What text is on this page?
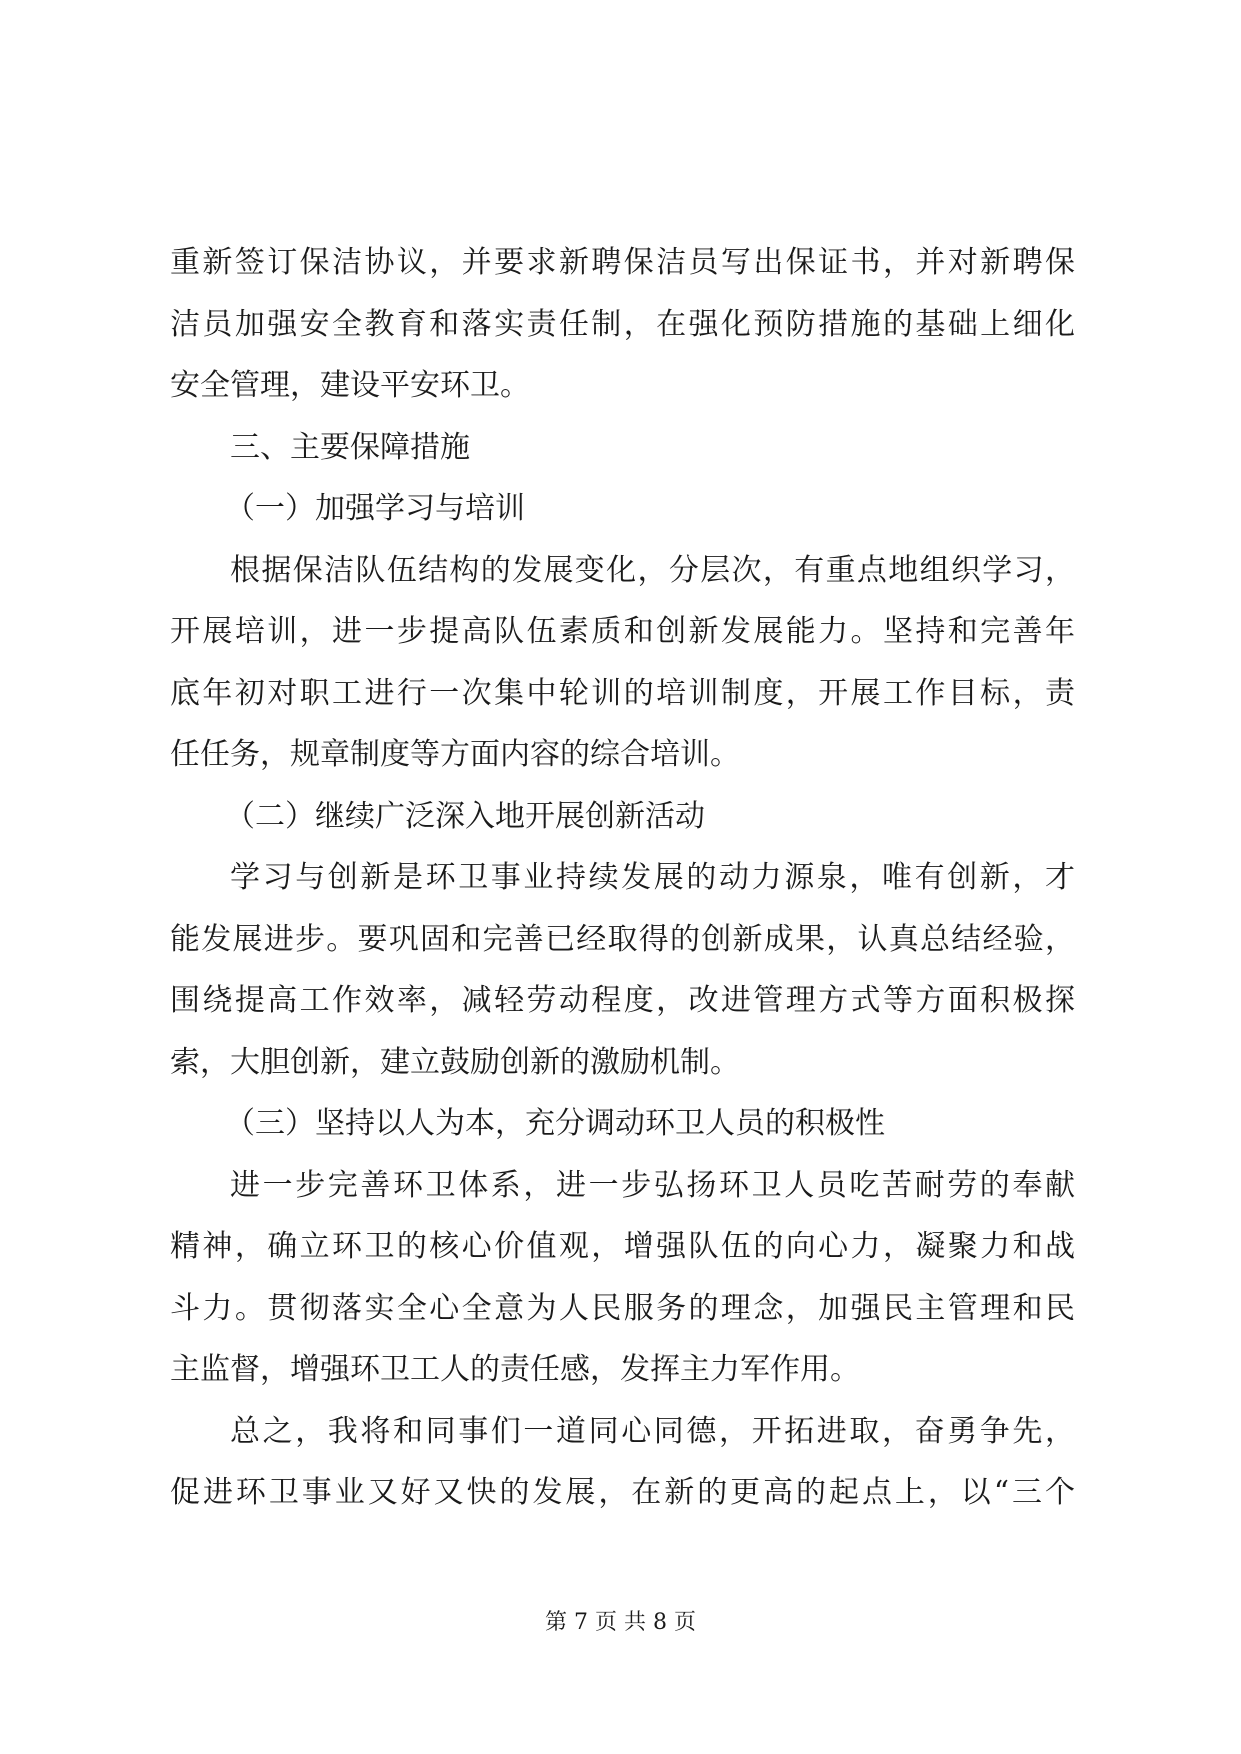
重新签订保洁协议，并要求新聘保洁员写出保证书，并对新聘保
洁员加强安全教育和落实责任制，在强化预防措施的基础上细化
安全管理，建设平安环卫。
三、主要保障措施
（一）加强学习与培训
根据保洁队伍结构的发展变化，分层次，有重点地组织学习，
开展培训，进一步提高队伍素质和创新发展能力。坚持和完善年
底年初对职工进行一次集中轮训的培训制度，开展工作目标，责
任任务，规章制度等方面内容的综合培训。
（二）继续广泛深入地开展创新活动
学习与创新是环卫事业持续发展的动力源泉，唯有创新，才
能发展进步。要巩固和完善已经取得的创新成果，认真总结经验，
围绕提高工作效率，减轻劳动程度，改进管理方式等方面积极探
索，大胆创新，建立鼓励创新的激励机制。
（三）坚持以人为本，充分调动环卫人员的积极性
进一步完善环卫体系，进一步弘扬环卫人员吃苦耐劳的奉献
精神，确立环卫的核心价值观，增强队伍的向心力，凝聚力和战
斗力。贯彻落实全心全意为人民服务的理念，加强民主管理和民
主监督，增强环卫工人的责任感，发挥主力军作用。
总之，我将和同事们一道同心同德，开拓进取，奋勇争先，
促进环卫事业又好又快的发展，在新的更高的起点上，以“三个
第 7 页 共 8 页
